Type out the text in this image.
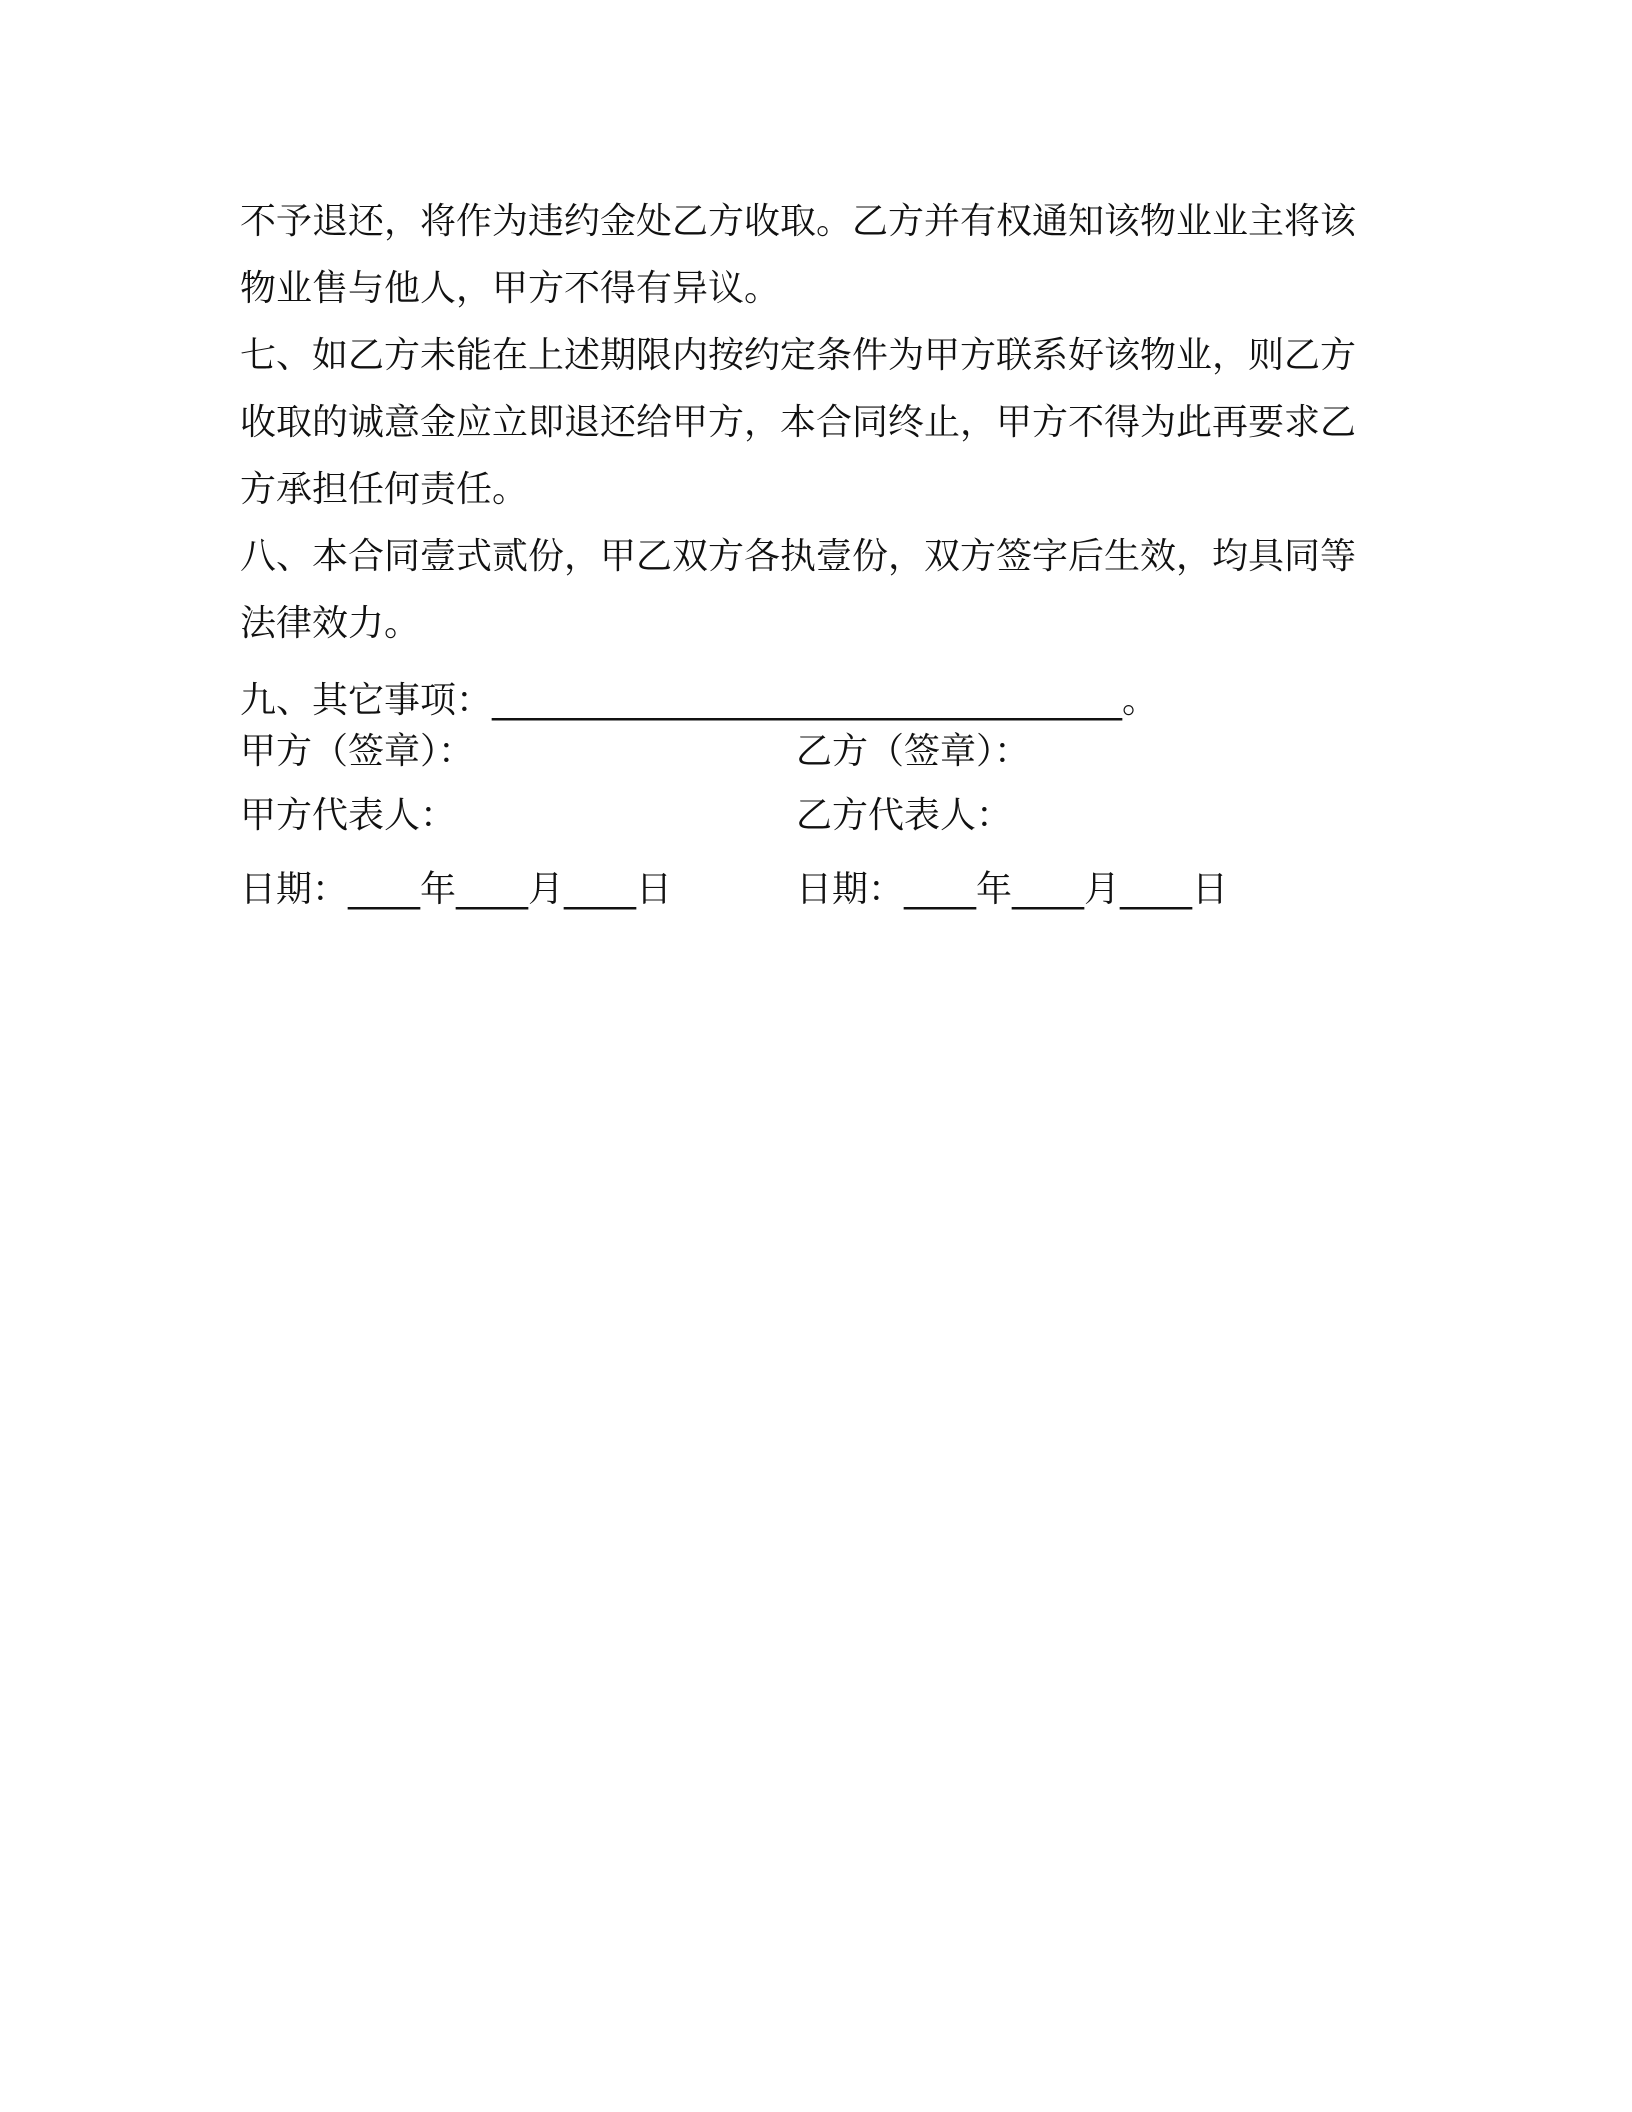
不予退还，将作为违约金处乙方收取。乙方并有权通知该物业业主将该物业售与他人，甲方不得有异议。

七、如乙方未能在上述期限内按约定条件为甲方联系好该物业，则乙方收取的诚意金应立即退还给甲方，本合同终止，甲方不得为此再要求乙方承担任何责任。

八、本合同壹式贰份，甲乙双方各执壹份，双方签字后生效，均具同等法律效力。

九、其它事项：___________________________________。
甲方（签章）：	乙方（签章）：
甲方代表人：	乙方代表人：
日期：____年____月____日	日期：____年____月____日
